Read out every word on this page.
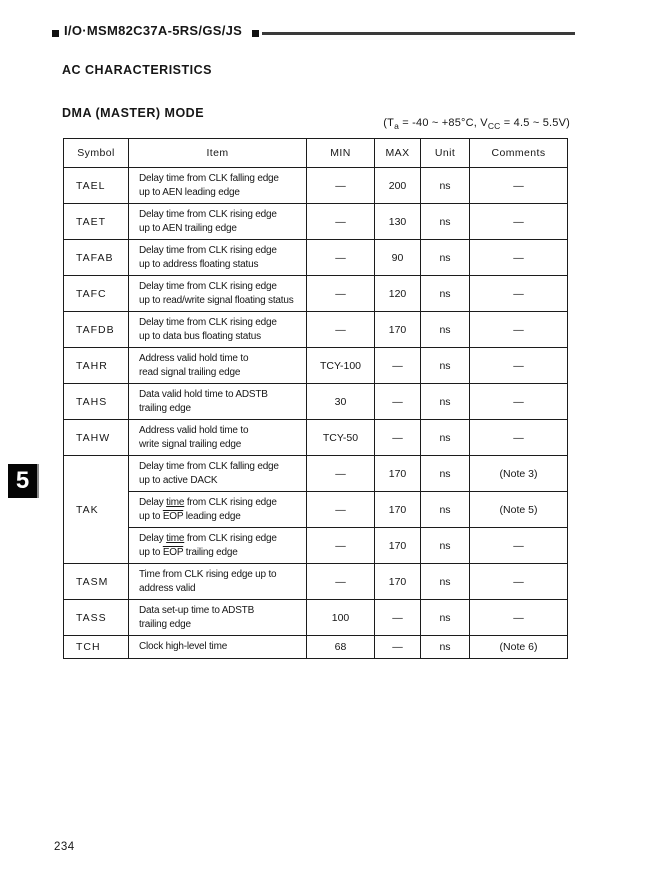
I/O·MSM82C37A-5RS/GS/JS
AC CHARACTERISTICS
DMA (MASTER) MODE
($T_a = -40$ ~ +85°C, $V_{CC} = 4.5$ ~ 5.5V)
Symbol	Item	MIN	MAX	Unit	Comments
TAEL	Delay time from CLK falling edge
up to AEN leading edge	—	200	ns	—
TAET	Delay time from CLK rising edge
up to AEN trailing edge	—	130	ns	—
TAFAB	Delay time from CLK rising edge
up to address floating status	—	90	ns	—
TAFC	Delay time from CLK rising edge
up to read/write signal floating status	—	120	ns	—
TAFDB	Delay time from CLK rising edge
up to data bus floating status	—	170	ns	—
TAHR	Address valid hold time to
read signal trailing edge	TCY-100	—	ns	—
TAHS	Data valid hold time to ADSTB
trailing edge	30	—	ns	—
TAHW	Address valid hold time to
write signal trailing edge	TCY-50	—	ns	—
TAK	Delay time from CLK falling edge
up to active DACK	—	170	ns	(Note 3)

	Delay time from CLK rising edge
up to $\overline{EOP}$ leading edge	—	170	ns	(Note 5)

	Delay time from CLK rising edge
up to $\overline{EOP}$ trailing edge	—	170	ns	—
TASM	Time from CLK rising edge up to
address valid	—	170	ns	—
TASS	Data set-up time to ADSTB
trailing edge	100	—	ns	—
TCH	Clock high-level time	68	—	ns	(Note 6)
5
234
